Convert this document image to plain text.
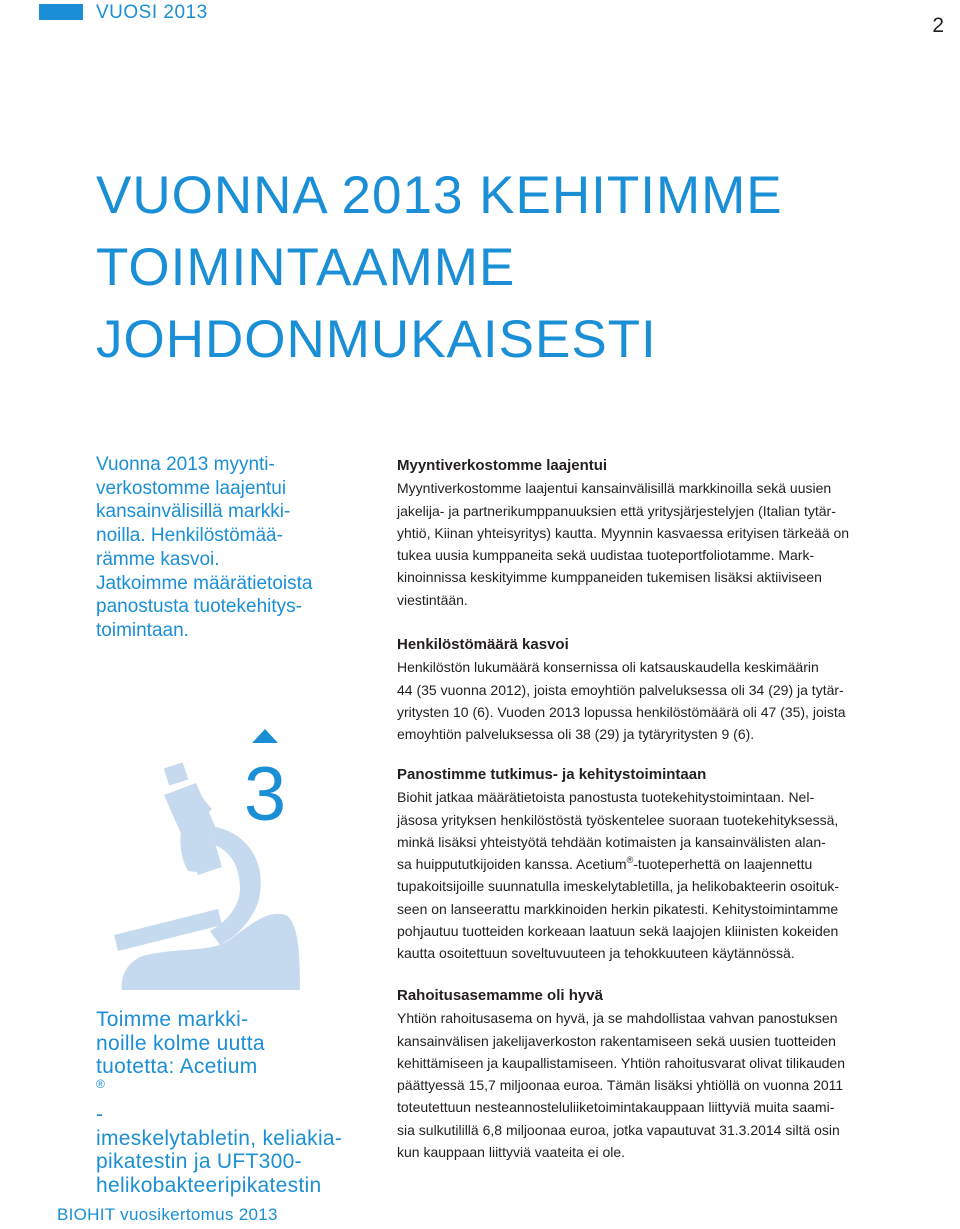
VUOSI 2013
2
VUONNA 2013 KEHITIMME
TOIMINTAAMME
JOHDONMUKAISESTI
Vuonna 2013 myynti-
verkostomme laajentui
kansainvälisillä markki-
noilla. Henkilöstömää-
rämme kasvoi.
Jatkoimme määrätietoista
panostusta tuotekehitys-
toimintaan.
Myyntiverkostomme laajentui

Myyntiverkostomme laajentui kansainvälisillä markkinoilla sekä uusien
jakelija- ja partnerikumppanuuksien että yritysjärjestelyjen (Italian tytär-
yhtiö, Kiinan yhteisyritys) kautta. Myynnin kasvaessa erityisen tärkeää on
tukea uusia kumppaneita sekä uudistaa tuoteportfoliotamme. Mark-
kinoinnissa keskityimme kumppaneiden tukemisen lisäksi aktiiviseen
viestintään.

Henkilöstömäärä kasvoi

Henkilöstön lukumäärä konsernissa oli katsauskaudella keskimäärin
44 (35 vuonna 2012), joista emoyhtiön palveluksessa oli 34 (29) ja tytär-
yritysten 10 (6). Vuoden 2013 lopussa henkilöstömäärä oli 47 (35), joista
emoyhtiön palveluksessa oli 38 (29) ja tytäryritysten 9 (6).

Panostimme tutkimus- ja kehitystoimintaan

Biohit jatkaa määrätietoista panostusta tuotekehitystoimintaan. Nel-
jäsosa yrityksen henkilöstöstä työskentelee suoraan tuotekehityksessä,
minkä lisäksi yhteistyötä tehdään kotimaisten ja kansainvälisten alan-
sa huippututkijoiden kanssa. Acetium®-tuoteperhettä on laajennettu
tupakoitsijoille suunnatulla imeskelytabletilla, ja helikobakteerin osoituk-
seen on lanseerattu markkinoiden herkin pikatesti. Kehitystoimintamme
pohjautuu tuotteiden korkeaan laatuun sekä laajojen kliinisten kokeiden
kautta osoitettuun soveltuvuuteen ja tehokkuuteen käytännössä.

Rahoitusasemamme oli hyvä

Yhtiön rahoitusasema on hyvä, ja se mahdollistaa vahvan panostuksen
kansainvälisen jakelijaverkoston rakentamiseen sekä uusien tuotteiden
kehittämiseen ja kaupallistamiseen. Yhtiön rahoitusvarat olivat tilikauden
päättyessä 15,7 miljoonaa euroa. Tämän lisäksi yhtiöllä on vuonna 2011
toteutettuun nesteannosteluliiketoimintakauppaan liittyviä muita saami-
sia sulkutilillä 6,8 miljoonaa euroa, jotka vapautuvat 31.3.2014 siltä osin
kun kauppaan liittyviä vaateita ei ole.

3
Toimme markki-
noille kolme uutta
tuotetta: Acetium
®
-
imeskelytabletin, keliakia-
pikatestin ja UFT300-
helikobakteeripikatestin
BIOHIT vuosikertomus 2013
